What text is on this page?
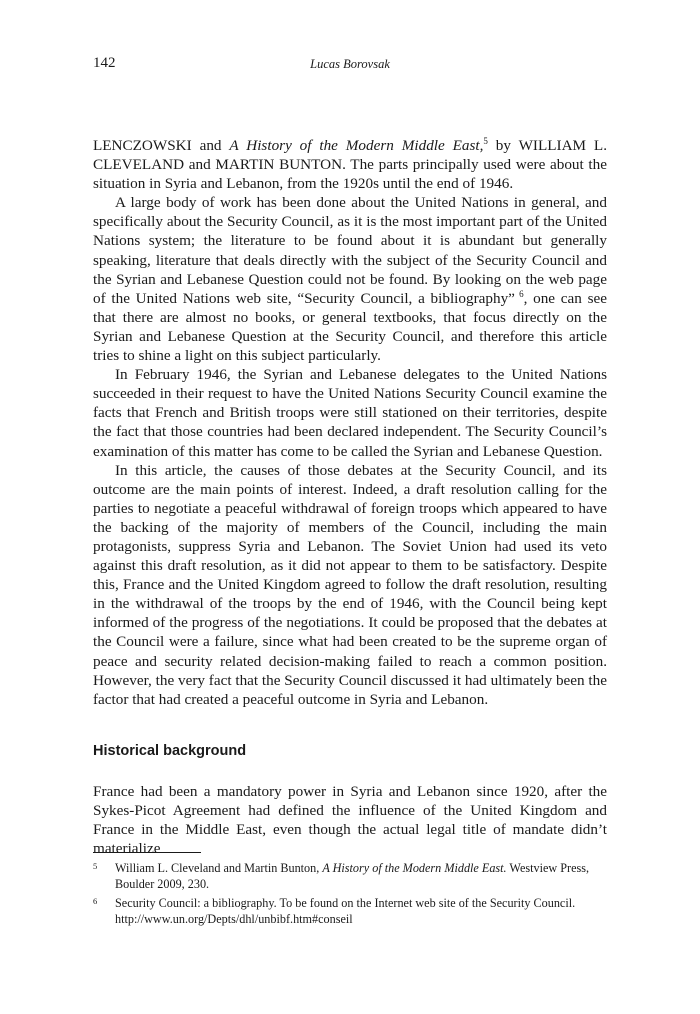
142	Lucas Borovsak

LENCZOWSKI and A History of the Modern Middle East,$^5$ by WILLIAM L. CLEVELAND and MARTIN BUNTON. The parts principally used were about the situation in Syria and Lebanon, from the 1920s until the end of 1946.

A large body of work has been done about the United Nations in general, and specifically about the Security Council, as it is the most important part of the United Nations system; the literature to be found about it is abundant but generally speaking, literature that deals directly with the subject of the Security Council and the Syrian and Lebanese Question could not be found. By looking on the web page of the United Nations web site, “Security Council, a bibliography” $^6$, one can see that there are almost no books, or general textbooks, that focus directly on the Syrian and Lebanese Question at the Security Council, and therefore this article tries to shine a light on this subject particularly.

In February 1946, the Syrian and Lebanese delegates to the United Nations succeeded in their request to have the United Nations Security Council examine the facts that French and British troops were still stationed on their territories, despite the fact that those countries had been declared independent. The Security Council’s examination of this matter has come to be called the Syrian and Lebanese Question.

In this article, the causes of those debates at the Security Council, and its outcome are the main points of interest. Indeed, a draft resolution calling for the parties to negotiate a peaceful withdrawal of foreign troops which appeared to have the backing of the majority of members of the Council, including the main protagonists, suppress Syria and Lebanon. The Soviet Union had used its veto against this draft resolution, as it did not appear to them to be satisfactory. Despite this, France and the United Kingdom agreed to follow the draft resolution, resulting in the withdrawal of the troops by the end of 1946, with the Council being kept informed of the progress of the negotiations. It could be proposed that the debates at the Council were a failure, since what had been created to be the supreme organ of peace and security related decision-making failed to reach a common position. However, the very fact that the Security Council discussed it had ultimately been the factor that had created a peaceful outcome in Syria and Lebanon.

Historical background

France had been a mandatory power in Syria and Lebanon since 1920, after the Sykes-Picot Agreement had defined the influence of the United Kingdom and France in the Middle East, even though the actual legal title of mandate didn’t materialize

5 William L. Cleveland and Martin Bunton, A History of the Modern Middle East. Westview Press, Boulder 2009, 230.
6 Security Council: a bibliography. To be found on the Internet web site of the Security Council. http://www.un.org/Depts/dhl/unbibf.htm#conseil
